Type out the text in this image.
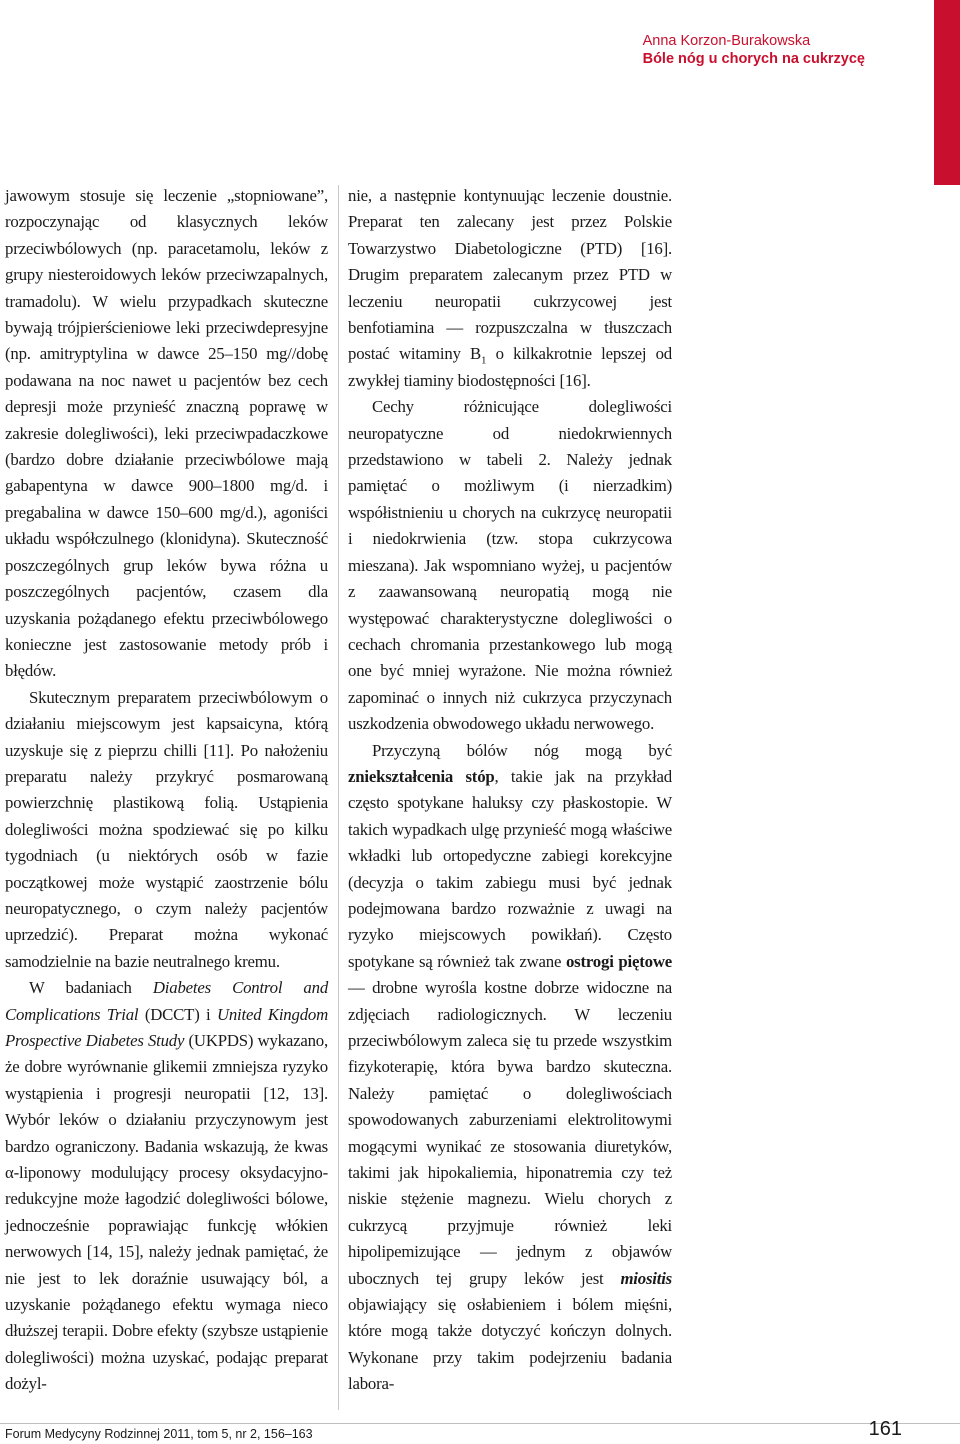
Anna Korzon-Burakowska
Bóle nóg u chorych na cukrzycę

jawowym stosuje się leczenie „stopniowane”, rozpoczynając od klasycznych leków przeciwbólowych (np. paracetamolu, leków z grupy niesteroidowych leków przeciwzapalnych, tramadolu). W wielu przypadkach skuteczne bywają trójpierścieniowe leki przeciwdepresyjne (np. amitryptylina w dawce 25–150 mg//dobę podawana na noc nawet u pacjentów bez cech depresji może przynieść znaczną poprawę w zakresie dolegliwości), leki przeciwpadaczkowe (bardzo dobre działanie przeciwbólowe mają gabapentyna w dawce 900–1800 mg/d. i pregabalina w dawce 150–600 mg/d.), agoniści układu współczulnego (klonidyna). Skuteczność poszczególnych grup leków bywa różna u poszczególnych pacjentów, czasem dla uzyskania pożądanego efektu przeciwbólowego konieczne jest zastosowanie metody prób i błędów.

Skutecznym preparatem przeciwbólowym o działaniu miejscowym jest kapsaicyna, którą uzyskuje się z pieprzu chilli [11]. Po nałożeniu preparatu należy przykryć posmarowaną powierzchnię plastikową folią. Ustąpienia dolegliwości można spodziewać się po kilku tygodniach (u niektórych osób w fazie początkowej może wystąpić zaostrzenie bólu neuropatycznego, o czym należy pacjentów uprzedzić). Preparat można wykonać samodzielnie na bazie neutralnego kremu.

W badaniach Diabetes Control and Complications Trial (DCCT) i United Kingdom Prospective Diabetes Study (UKPDS) wykazano, że dobre wyrównanie glikemii zmniejsza ryzyko wystąpienia i progresji neuropatii [12, 13]. Wybór leków o działaniu przyczynowym jest bardzo ograniczony. Badania wskazują, że kwas α-liponowy modulujący procesy oksydacyjno-redukcyjne może łagodzić dolegliwości bólowe, jednocześnie poprawiając funkcję włókien nerwowych [14, 15], należy jednak pamiętać, że nie jest to lek doraźnie usuwający ból, a uzyskanie pożądanego efektu wymaga nieco dłuższej terapii. Dobre efekty (szybsze ustąpienie dolegliwości) można uzyskać, podając preparat dożyl-

nie, a następnie kontynuując leczenie doustnie. Preparat ten zalecany jest przez Polskie Towarzystwo Diabetologiczne (PTD) [16]. Drugim preparatem zalecanym przez PTD w leczeniu neuropatii cukrzycowej jest benfotiamina — rozpuszczalna w tłuszczach postać witaminy $B_1$ o kilkakrotnie lepszej od zwykłej tiaminy biodostępności [16].

Cechy różnicujące dolegliwości neuropatyczne od niedokrwiennych przedstawiono w tabeli 2. Należy jednak pamiętać o możliwym (i nierzadkim) współistnieniu u chorych na cukrzycę neuropatii i niedokrwienia (tzw. stopa cukrzycowa mieszana). Jak wspomniano wyżej, u pacjentów z zaawansowaną neuropatią mogą nie występować charakterystyczne dolegliwości o cechach chromania przestankowego lub mogą one być mniej wyrażone. Nie można również zapominać o innych niż cukrzyca przyczynach uszkodzenia obwodowego układu nerwowego.

Przyczyną bólów nóg mogą być zniekształcenia stóp, takie jak na przykład często spotykane haluksy czy płaskostopie. W takich wypadkach ulgę przynieść mogą właściwe wkładki lub ortopedyczne zabiegi korekcyjne (decyzja o takim zabiegu musi być jednak podejmowana bardzo rozważnie z uwagi na ryzyko miejscowych powikłań). Często spotykane są również tak zwane ostrogi piętowe — drobne wyrośla kostne dobrze widoczne na zdjęciach radiologicznych. W leczeniu przeciwbólowym zaleca się tu przede wszystkim fizykoterapię, która bywa bardzo skuteczna. Należy pamiętać o dolegliwościach spowodowanych zaburzeniami elektrolitowymi mogącymi wynikać ze stosowania diuretyków, takimi jak hipokaliemia, hiponatremia czy też niskie stężenie magnezu. Wielu chorych z cukrzycą przyjmuje również leki hipolipemizujące — jednym z objawów ubocznych tej grupy leków jest miositis objawiający się osłabieniem i bólem mięśni, które mogą także dotyczyć kończyn dolnych. Wykonane przy takim podejrzeniu badania labora-

Forum Medycyny Rodzinnej 2011, tom 5, nr 2, 156–163	161
